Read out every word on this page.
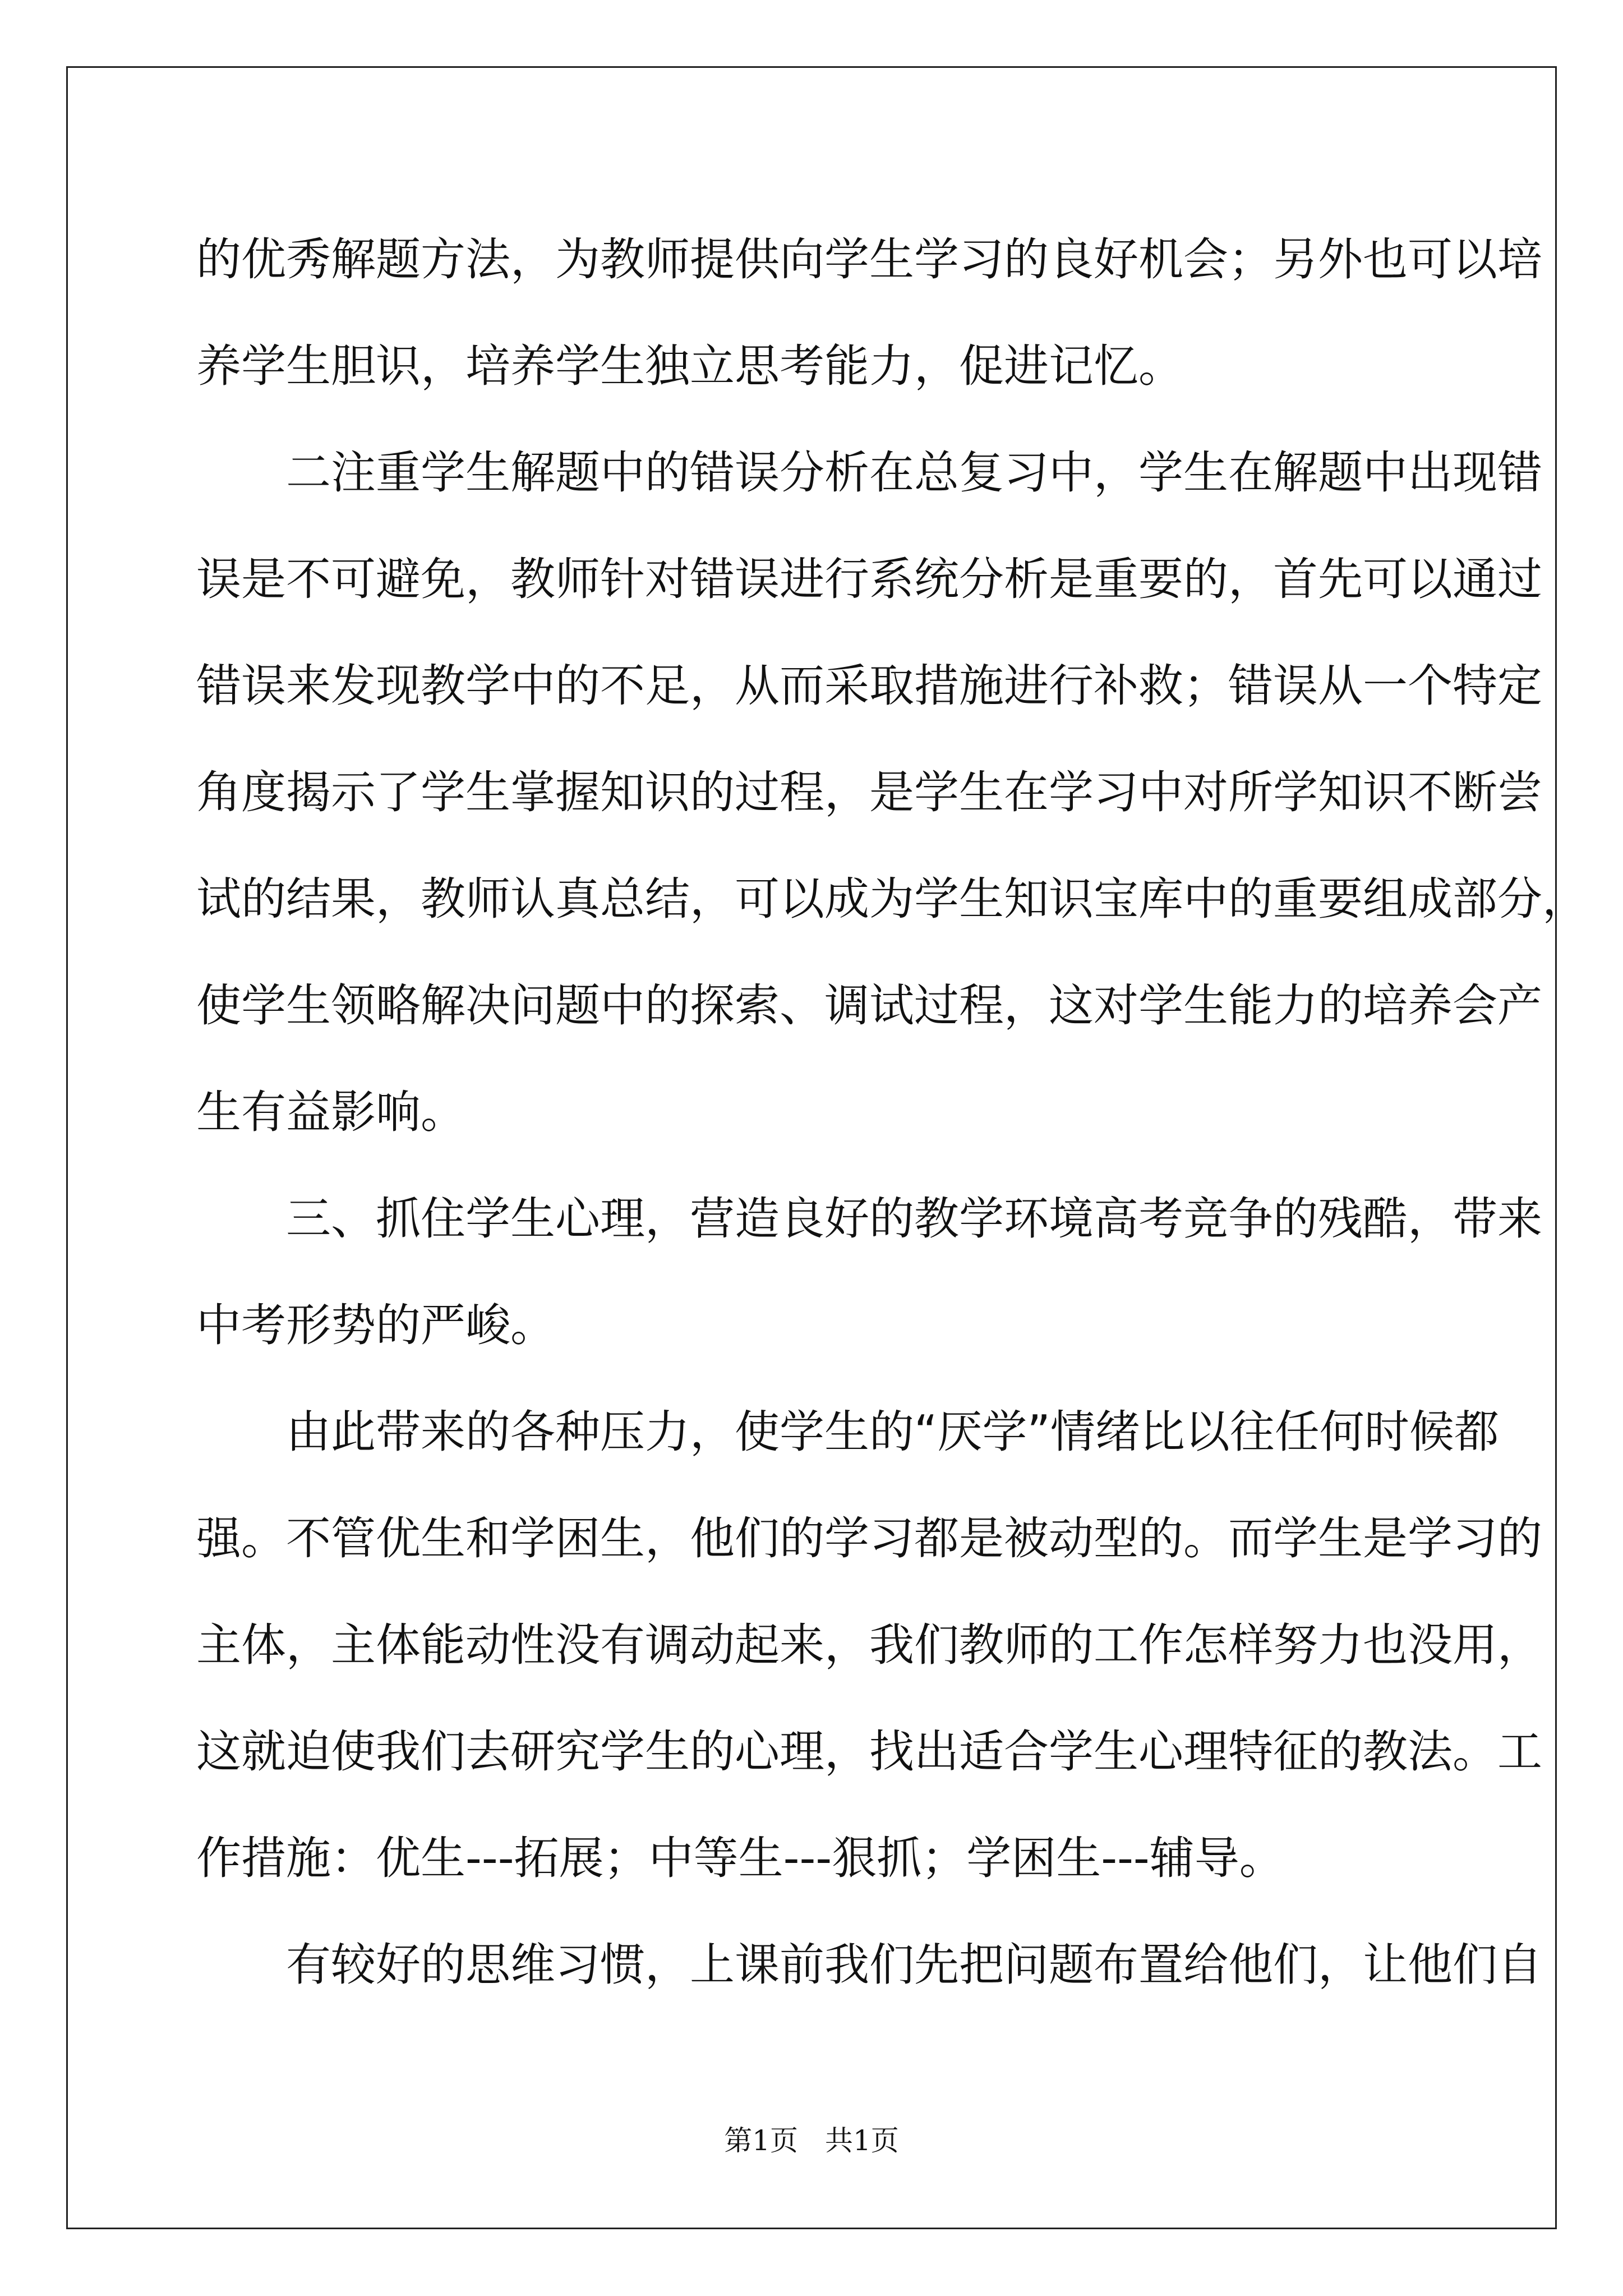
的优秀解题方法，为教师提供向学生学习的良好机会；另外也可以培
养学生胆识，培养学生独立思考能力，促进记忆。
二注重学生解题中的错误分析在总复习中，学生在解题中出现错
误是不可避免，教师针对错误进行系统分析是重要的，首先可以通过
错误来发现教学中的不足，从而采取措施进行补救；错误从一个特定
角度揭示了学生掌握知识的过程，是学生在学习中对所学知识不断尝
试的结果，教师认真总结，可以成为学生知识宝库中的重要组成部分，
使学生领略解决问题中的探索、调试过程，这对学生能力的培养会产
生有益影响。
三、抓住学生心理，营造良好的教学环境高考竞争的残酷，带来
中考形势的严峻。
由此带来的各种压力，使学生的“厌学”情绪比以往任何时候都
强。不管优生和学困生，他们的学习都是被动型的。而学生是学习的
主体，主体能动性没有调动起来，我们教师的工作怎样努力也没用，
这就迫使我们去研究学生的心理，找出适合学生心理特征的教法。工
作措施：优生---拓展；中等生---狠抓；学困生---辅导。
有较好的思维习惯，上课前我们先把问题布置给他们，让他们自
第1页 共1页
